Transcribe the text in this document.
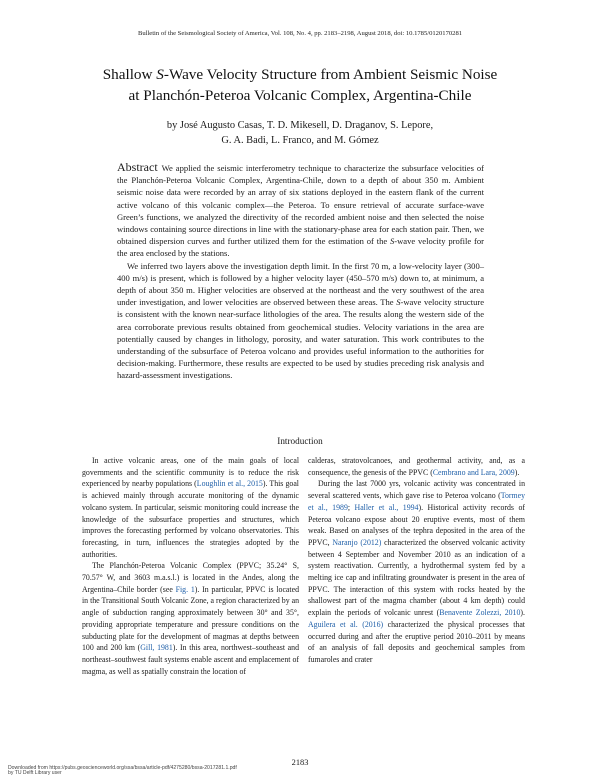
Bulletin of the Seismological Society of America, Vol. 108, No. 4, pp. 2183–2198, August 2018, doi: 10.1785/0120170281
Shallow S-Wave Velocity Structure from Ambient Seismic Noise
at Planchón-Peteroa Volcanic Complex, Argentina-Chile
by José Augusto Casas, T. D. Mikesell, D. Draganov, S. Lepore,
G. A. Badi, L. Franco, and M. Gómez

Abstract We applied the seismic interferometry technique to characterize the subsurface velocities of the Planchón-Peteroa Volcanic Complex, Argentina-Chile, down to a depth of about 350 m. Ambient seismic noise data were recorded by an array of six stations deployed in the eastern flank of the current active volcano of this volcanic complex—the Peteroa. To ensure retrieval of accurate surface-wave Green’s functions, we analyzed the directivity of the recorded ambient noise and then selected the noise windows containing source directions in line with the stationary-phase area for each station pair. Then, we obtained dispersion curves and further utilized them for the estimation of the S-wave velocity profile for the area enclosed by the stations.

We inferred two layers above the investigation depth limit. In the first 70 m, a low-velocity layer (300–400 m/s) is present, which is followed by a higher velocity layer (450–570 m/s) down to, at minimum, a depth of about 350 m. Higher velocities are observed at the northeast and the very southwest of the area under investigation, and lower velocities are observed between these areas. The S-wave velocity structure is consistent with the known near-surface lithologies of the area. The results along the western side of the area corroborate previous results obtained from geochemical studies. Velocity variations in the area are potentially caused by changes in lithology, porosity, and water saturation. This work contributes to the understanding of the subsurface of Peteroa volcano and provides useful information to the authorities for decision-making. Furthermore, these results are expected to be used by studies preceding risk analysis and hazard-assessment investigations.

Introduction

In active volcanic areas, one of the main goals of local governments and the scientific community is to reduce the risk experienced by nearby populations (Loughlin et al., 2015). This goal is achieved mainly through accurate monitoring of the dynamic volcano system. In particular, seismic monitoring could increase the knowledge of the subsurface properties and structures, which improves the forecasting performed by volcano observatories. This forecasting, in turn, influences the strategies adopted by the authorities.

The Planchón-Peteroa Volcanic Complex (PPVC; 35.24° S, 70.57° W, and 3603 m.a.s.l.) is located in the Andes, along the Argentina–Chile border (see Fig. 1). In particular, PPVC is located in the Transitional South Volcanic Zone, a region characterized by an angle of subduction ranging approximately between 30° and 35°, providing appropriate temperature and pressure conditions on the subducting plate for the development of magmas at depths between 100 and 200 km (Gill, 1981). In this area, northwest–southeast and northeast–southwest fault systems enable ascent and emplacement of magma, as well as spatially constrain the location of

calderas, stratovolcanoes, and geothermal activity, and, as a consequence, the genesis of the PPVC (Cembrano and Lara, 2009).

During the last 7000 yrs, volcanic activity was concentrated in several scattered vents, which gave rise to Peteroa volcano (Tormey et al., 1989; Haller et al., 1994). Historical activity records of Peteroa volcano expose about 20 eruptive events, most of them weak. Based on analyses of the tephra deposited in the area of the PPVC, Naranjo (2012) characterized the observed volcanic activity between 4 September and November 2010 as an indication of a system reactivation. Currently, a hydrothermal system fed by a melting ice cap and infiltrating groundwater is present in the area of PPVC. The interaction of this system with rocks heated by the shallowest part of the magma chamber (about 4 km depth) could explain the periods of volcanic unrest (Benavente Zolezzi, 2010). Aguilera et al. (2016) characterized the physical processes that occurred during and after the eruptive period 2010–2011 by means of an analysis of fall deposits and geochemical samples from fumaroles and crater

2183
Downloaded from https://pubs.geoscienceworld.org/ssa/bssa/article-pdf/4275280/bssa-2017281.1.pdf
by TU Delft Library user
